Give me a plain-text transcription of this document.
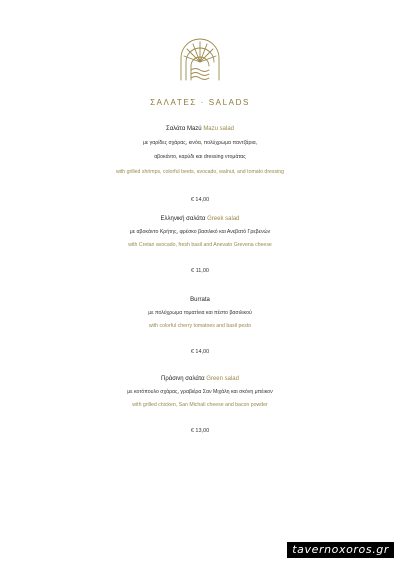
ΣΑΛΑΤΕΣ · SALADS
Σαλάτα Mazú Mazu salad
με γαρίδες σχάρας, κινόα, πολύχρωμα παντζάρια,
αβοκάντο, καρύδι και dressing ντομάτας
with grilled shrimps, colorful beets, avocado, walnut, and tomato dressing
€ 14,00
Ελληνική σαλάτα Greek salad
με αβοκάντο Κρήτης, φρέσκο βασιλικό και Ανεβατό Γρεβενών
with Cretan avocado, fresh basil and Anevato Grevena cheese
€ 11,00
Burrata
με πολύχρωμα τοματίνια και πέστο βασιλικού
with colorful cherry tomatoes and basil pesto
€ 14,00
Πράσινη σαλάτα Green salad
με κοτόπουλο σχάρας, γραβιέρα Σαν Μιχάλη και σκόνη μπέικον
with grilled chicken, San Michali cheese and bacon powder
€ 13,00
tavernoxoros.gr
